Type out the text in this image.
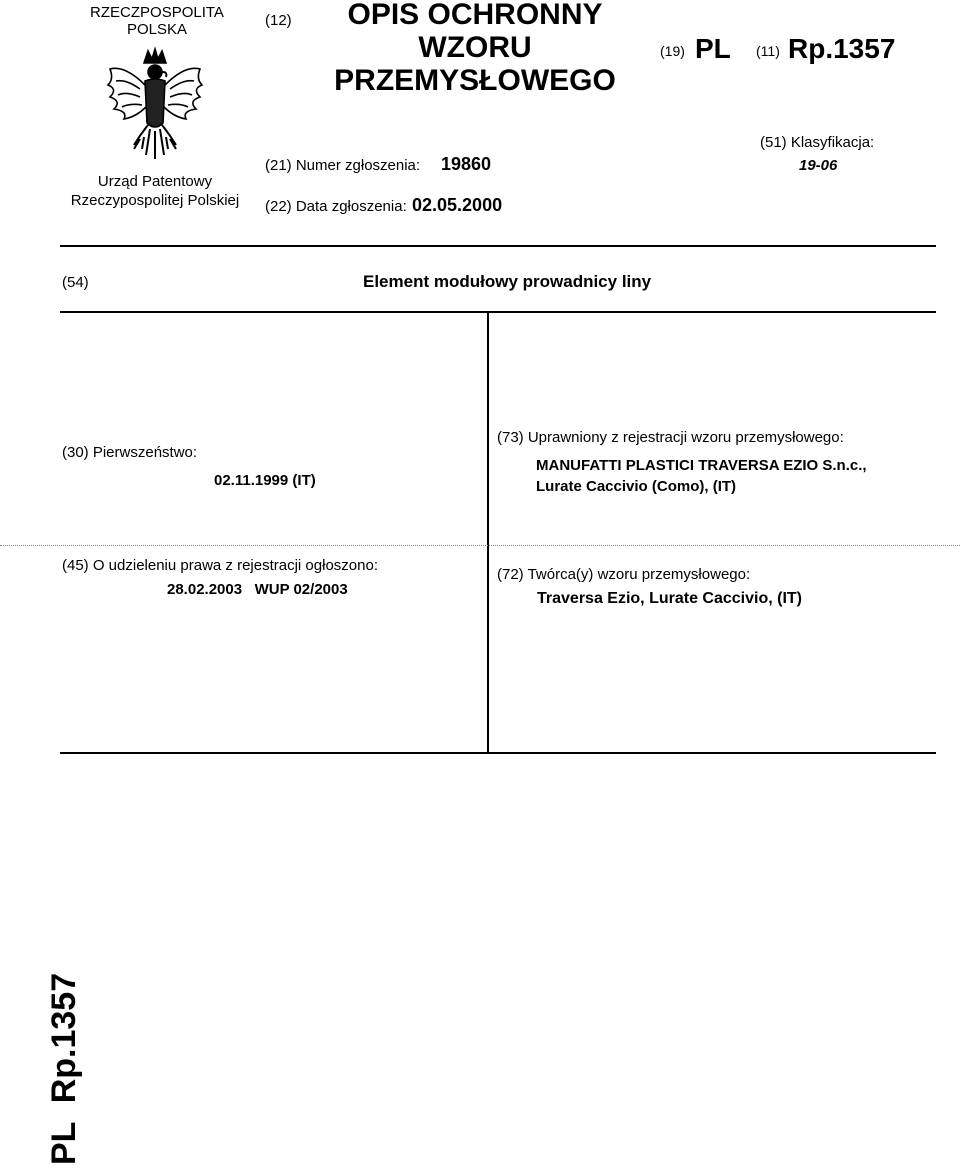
RZECZPOSPOLITA
POLSKA
Urząd Patentowy
Rzeczypospolitej Polskiej
(12)	OPIS OCHRONNY
WZORU
PRZEMYSŁOWEGO
(19) PL (11) Rp.1357
(21) Numer zgłoszenia: 19860
(22) Data zgłoszenia: 02.05.2000
(51) Klasyfikacja:
19-06
(54)	Element modułowy prowadnicy liny
(30) Pierwszeństwo:
02.11.1999 (IT)
(73) Uprawniony z rejestracji wzoru przemysłowego:
MANUFATTI PLASTICI TRAVERSA EZIO S.n.c.,
Lurate Caccivio (Como), (IT)
(45) O udzieleniu prawa z rejestracji ogłoszono:
28.02.2003   WUP 02/2003
(72) Twórca(y) wzoru przemysłowego:
Traversa Ezio, Lurate Caccivio, (IT)
PL  Rp.1357
